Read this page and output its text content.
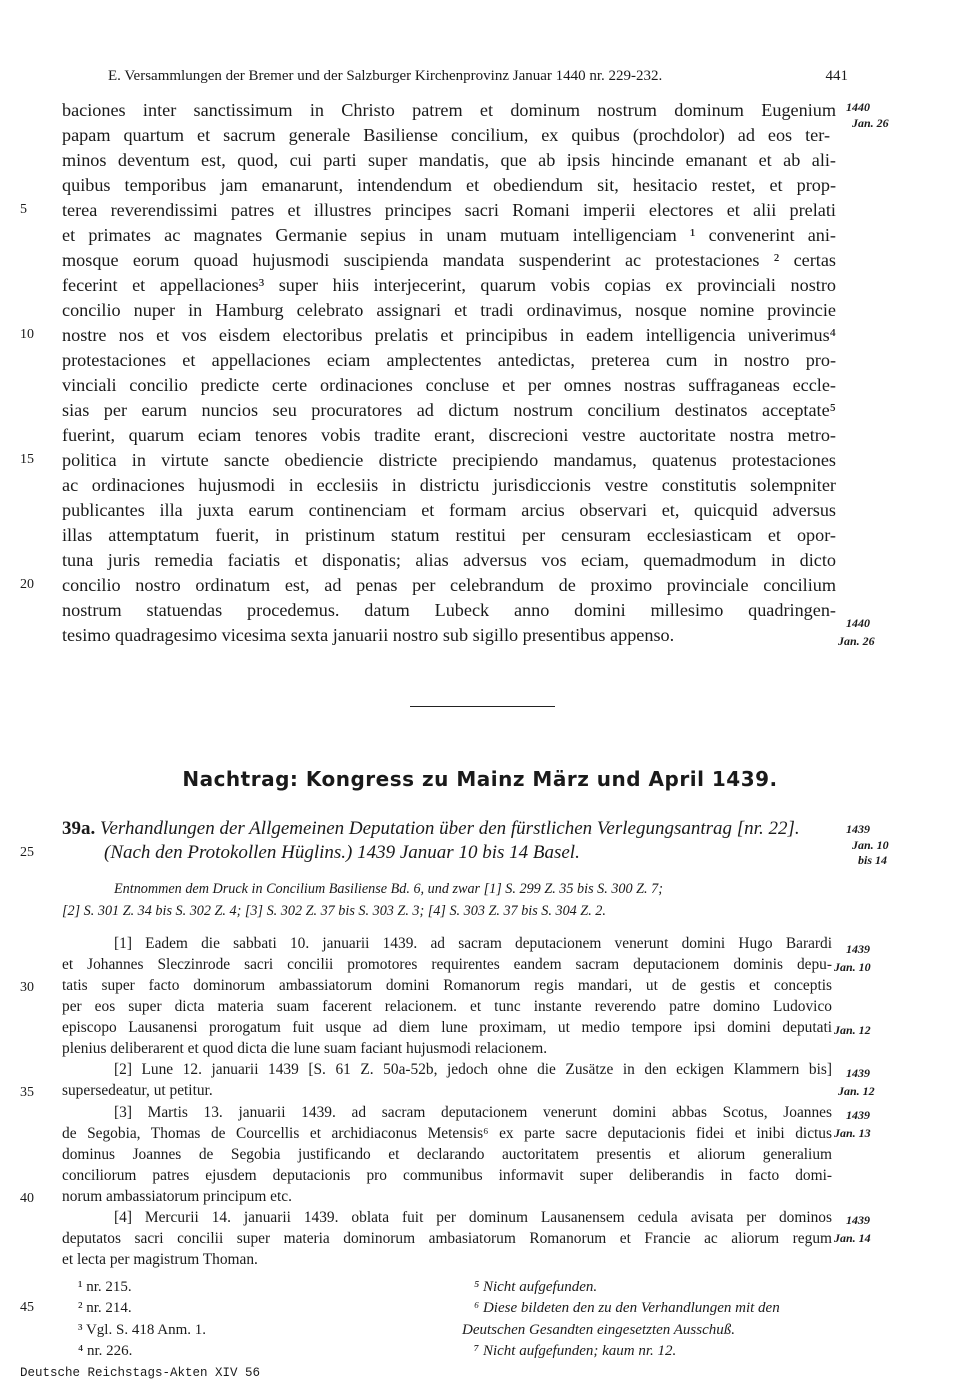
E. Versammlungen der Bremer und der Salzburger Kirchenprovinz Januar 1440 nr. 229-232.	441
baciones inter sanctissimum in Christo patrem et dominum nostrum dominum Eugenium
papam quartum et sacrum generale Basiliense concilium, ex quibus (prochdolor) ad eos ter-
minos deventum est, quod, cui parti super mandatis, que ab ipsis hincinde emanant et ab ali-
quibus temporibus jam emanarunt, intendendum et obediendum sit, hesitacio restet, et prop-
terea reverendissimi patres et illustres principes sacri Romani imperii electores et alii prelati
et primates ac magnates Germanie sepius in unam mutuam intelligenciam ¹ convenerint ani-
mosque eorum quoad hujusmodi suscipienda mandata suspenderint ac protestaciones ² certas
fecerint et appellaciones³ super hiis interjecerint, quarum vobis copias ex provinciali nostro
concilio nuper in Hamburg celebrato assignari et tradi ordinavimus, nosque nomine provincie
nostre nos et vos eisdem electoribus prelatis et principibus in eadem intelligencia univerimus⁴
protestaciones et appellaciones eciam amplectentes antedictas, preterea cum in nostro pro-
vinciali concilio predicte certe ordinaciones concluse et per omnes nostras suffraganeas eccle-
sias per earum nuncios seu procuratores ad dictum nostrum concilium destinatos acceptate⁵
fuerint, quarum eciam tenores vobis tradite erant, discrecioni vestre auctoritate nostra metro-
politica in virtute sancte obediencie districte precipiendo mandamus, quatenus protestaciones
ac ordinaciones hujusmodi in ecclesiis in districtu jurisdiccionis vestre constitutis solempniter
publicantes illa juxta earum continenciam et formam arcius observari et, quicquid adversus
illas attemptatum fuerit, in pristinum statum restitui per censuram ecclesiasticam et opor-
tuna juris remedia faciatis et disponatis; alias adversus vos eciam, quemadmodum in dicto
concilio nostro ordinatum est, ad penas per celebrandum de proximo provinciale concilium
nostrum statuendas procedemus. datum Lubeck anno domini millesimo quadringen-
tesimo quadragesimo vicesima sexta januarii nostro sub sigillo presentibus appenso.
5
10
15
20
1440
Jan. 26
1440
Jan. 26
Nachtrag: Kongress zu Mainz März und April 1439.
39a. Verhandlungen der Allgemeinen Deputation über den fürstlichen Verlegungsantrag [nr. 22].
(Nach den Protokollen Hüglins.) 1439 Januar 10 bis 14 Basel.
25
1439
Jan. 10
bis 14
Entnommen dem Druck in Concilium Basiliense Bd. 6, und zwar [1] S. 299 Z. 35 bis S. 300 Z. 7;
[2] S. 301 Z. 34 bis S. 302 Z. 4; [3] S. 302 Z. 37 bis S. 303 Z. 3; [4] S. 303 Z. 37 bis S. 304 Z. 2.
[1] Eadem die sabbati 10. januarii 1439. ad sacram deputacionem venerunt domini Hugo Barardi
et Johannes Sleczinrode sacri concilii promotores requirentes eandem sacram deputacionem dominis depu-
tatis super facto dominorum ambassiatorum domini Romanorum regis mandari, ut de gestis et conceptis
per eos super dicta materia suam facerent relacionem. et tunc instante reverendo patre domino Ludovico
episcopo Lausanensi prorogatum fuit usque ad diem lune proximam, ut medio tempore ipsi domini deputati
plenius deliberarent et quod dicta die lune suam faciant hujusmodi relacionem.
[2] Lune 12. januarii 1439 [S. 61 Z. 50a-52b, jedoch ohne die Zusätze in den eckigen Klammern bis]
supersedeatur, ut petitur.
[3] Martis 13. januarii 1439. ad sacram deputacionem venerunt domini abbas Scotus, Joannes
de Segobia, Thomas de Courcellis et archidiaconus Metensis⁶ ex parte sacre deputacionis fidei et inibi dictus
dominus Joannes de Segobia justificando et declarando auctoritatem presentis et aliorum generalium
conciliorum patres ejusdem deputacionis pro communibus informavit super deliberandis in facto domi-
norum ambassiatorum principum etc.
[4] Mercurii 14. januarii 1439. oblata fuit per dominum Lausanensem cedula avisata per dominos
deputatos sacri concilii super materia dominorum ambasiatorum Romanorum et Francie ac aliorum regum
et lecta per magistrum Thoman.
30
35
40
1439
Jan. 10
Jan. 12
1439
Jan. 12
1439
Jan. 13
1439
Jan. 14
¹ nr. 215.
² nr. 214.
³ Vgl. S. 418 Anm. 1.
⁴ nr. 226.
⁵ Nicht aufgefunden.
⁶ Diese bildeten den zu den Verhandlungen mit den
Deutschen Gesandten eingesetzten Ausschuß.
⁷ Nicht aufgefunden; kaum nr. 12.
45
Deutsche Reichstags-Akten XIV 56
